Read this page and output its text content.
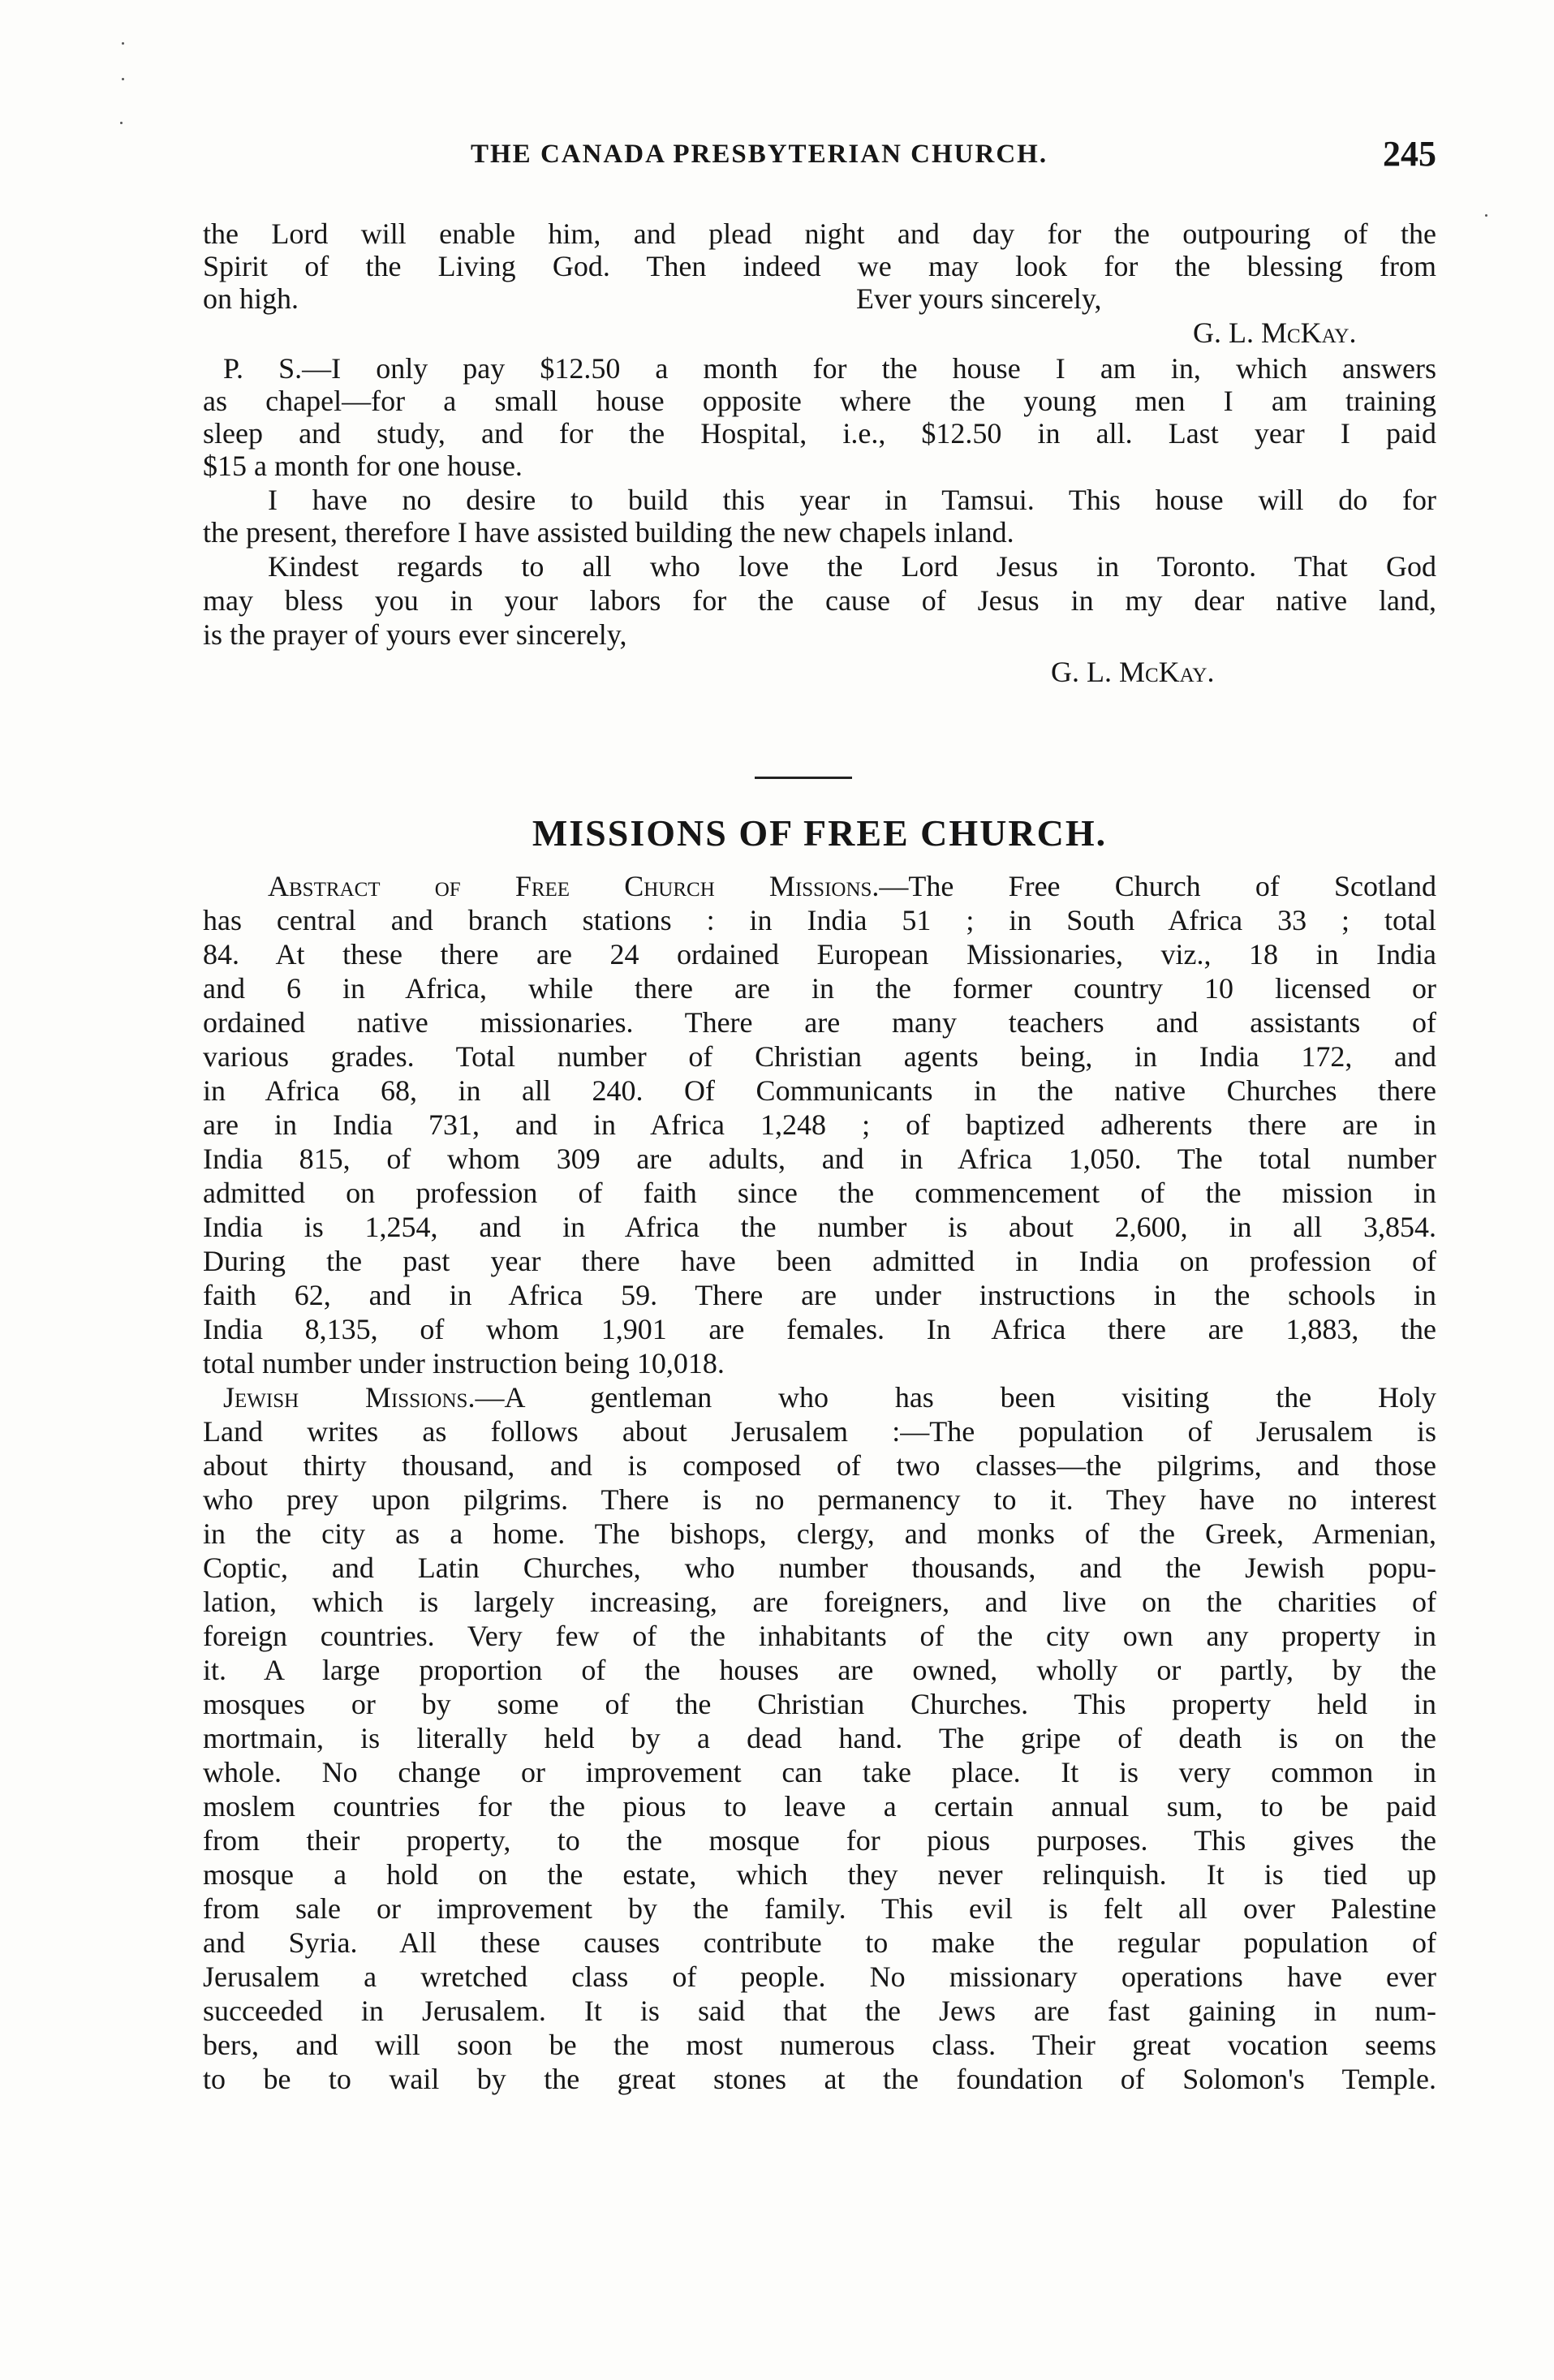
THE CANADA PRESBYTERIAN CHURCH.	245
the Lord will enable him, and plead night and day for the outpouring of the
Spirit of the Living God. Then indeed we may look for the blessing from
on high.	Ever yours sincerely,
G. L. McKay.
P. S.—I only pay $12.50 a month for the house I am in, which answers
as chapel—for a small house opposite where the young men I am training
sleep and study, and for the Hospital, i.e., $12.50 in all. Last year I paid
$15 a month for one house.
I have no desire to build this year in Tamsui. This house will do for
the present, therefore I have assisted building the new chapels inland.
Kindest regards to all who love the Lord Jesus in Toronto. That God
may bless you in your labors for the cause of Jesus in my dear native land,
is the prayer of yours ever sincerely,
G. L. McKay.
MISSIONS OF FREE CHURCH.
Abstract of Free Church Missions.—The Free Church of Scotland
has central and branch stations : in India 51 ; in South Africa 33 ; total
84. At these there are 24 ordained European Missionaries, viz., 18 in India
and 6 in Africa, while there are in the former country 10 licensed or
ordained native missionaries. There are many teachers and assistants of
various grades. Total number of Christian agents being, in India 172, and
in Africa 68, in all 240. Of Communicants in the native Churches there
are in India 731, and in Africa 1,248 ; of baptized adherents there are in
India 815, of whom 309 are adults, and in Africa 1,050. The total number
admitted on profession of faith since the commencement of the mission in
India is 1,254, and in Africa the number is about 2,600, in all 3,854.
During the past year there have been admitted in India on profession of
faith 62, and in Africa 59. There are under instructions in the schools in
India 8,135, of whom 1,901 are females. In Africa there are 1,883, the
total number under instruction being 10,018.
Jewish Missions.—A gentleman who has been visiting the Holy
Land writes as follows about Jerusalem :—The population of Jerusalem is
about thirty thousand, and is composed of two classes—the pilgrims, and those
who prey upon pilgrims. There is no permanency to it. They have no interest
in the city as a home. The bishops, clergy, and monks of the Greek, Armenian,
Coptic, and Latin Churches, who number thousands, and the Jewish popu-
lation, which is largely increasing, are foreigners, and live on the charities of
foreign countries. Very few of the inhabitants of the city own any property in
it. A large proportion of the houses are owned, wholly or partly, by the
mosques or by some of the Christian Churches. This property held in
mortmain, is literally held by a dead hand. The gripe of death is on the
whole. No change or improvement can take place. It is very common in
moslem countries for the pious to leave a certain annual sum, to be paid
from their property, to the mosque for pious purposes. This gives the
mosque a hold on the estate, which they never relinquish. It is tied up
from sale or improvement by the family. This evil is felt all over Palestine
and Syria. All these causes contribute to make the regular population of
Jerusalem a wretched class of people. No missionary operations have ever
succeeded in Jerusalem. It is said that the Jews are fast gaining in num-
bers, and will soon be the most numerous class. Their great vocation seems
to be to wail by the great stones at the foundation of Solomon's Temple.
